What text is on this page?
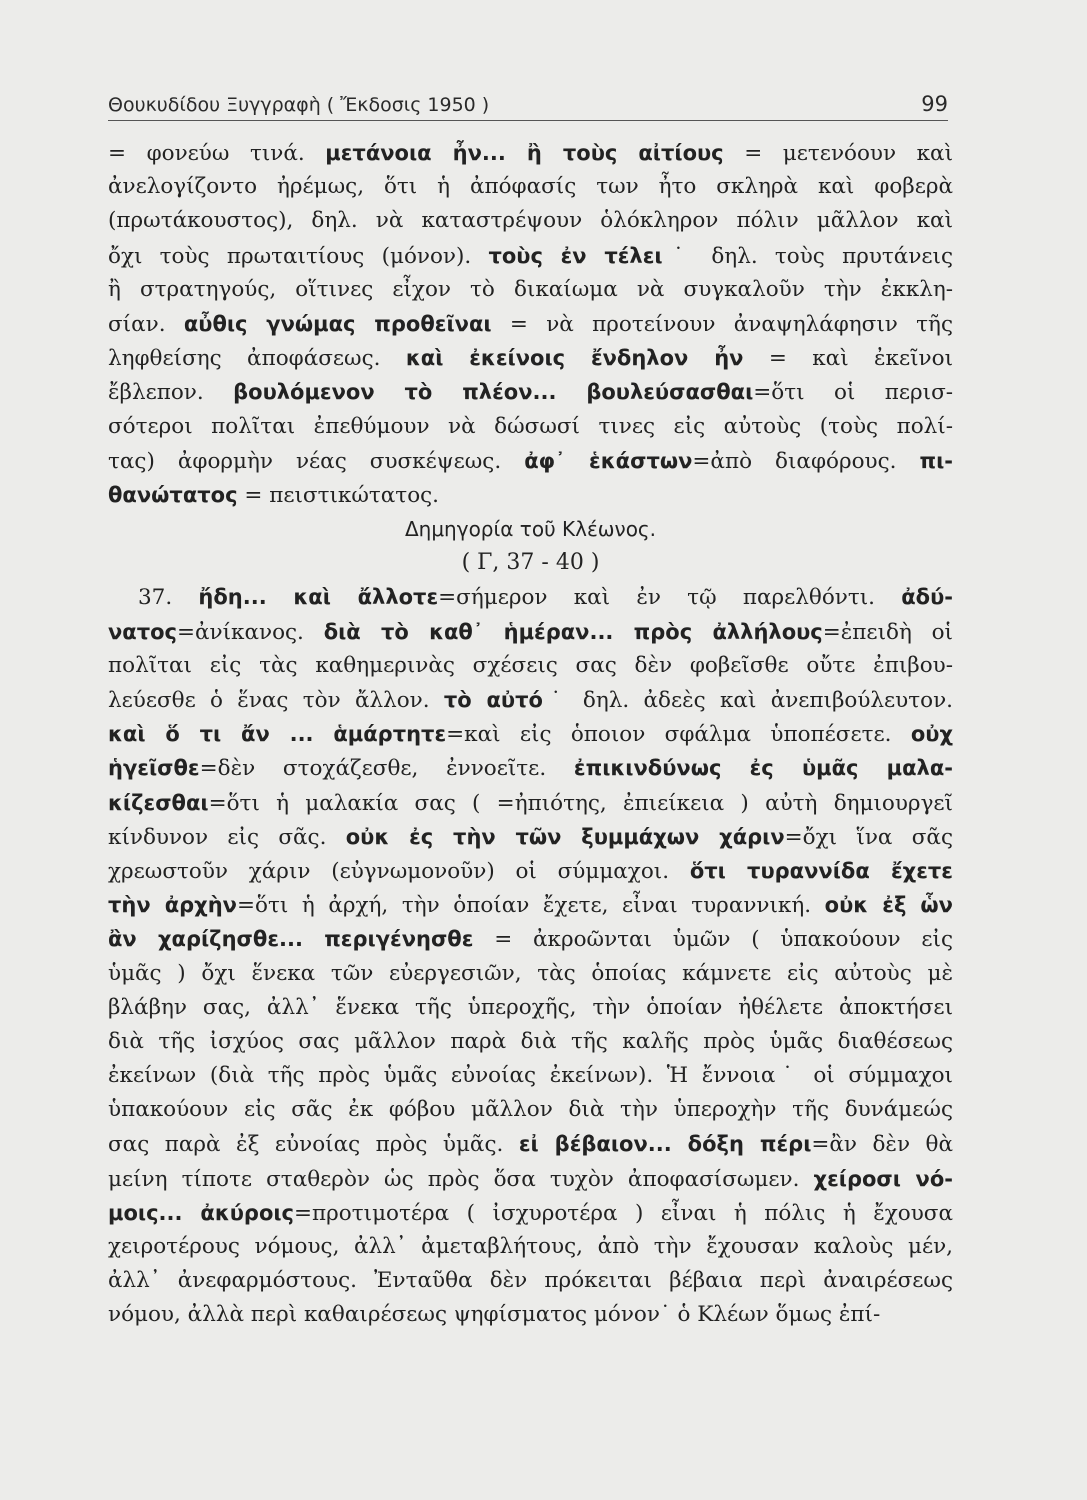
Θουκυδίδου Ξυγγραφὴ ( Ἔκδοσις 1950 )	99
= φονεύω τινά. μετάνοια ἦν... ἢ τοὺς αἰτίους = μετενόουν καὶ
ἀνελογίζοντο ἠρέμως, ὅτι ἡ ἀπόφασίς των ἦτο σκληρὰ καὶ φοβερὰ
(πρωτάκουστος), δηλ. νὰ καταστρέψουν ὁλόκληρον πόλιν μᾶλλον καὶ
ὄχι τοὺς πρωταιτίους (μόνον). τοὺς ἐν τέλει˙ δηλ. τοὺς πρυτάνεις
ἢ στρατηγούς, οἵτινες εἶχον τὸ δικαίωμα νὰ συγκαλοῦν τὴν ἐκκλη-
σίαν. αὖθις γνώμας προθεῖναι = νὰ προτείνουν ἀναψηλάφησιν τῆς
ληφθείσης ἀποφάσεως. καὶ ἐκείνοις ἔνδηλον ἦν = καὶ ἐκεῖνοι
ἔβλεπον. βουλόμενον τὸ πλέον... βουλεύσασθαι=ὅτι οἱ περισ-
σότεροι πολῖται ἐπεθύμουν νὰ δώσωσί τινες εἰς αὐτοὺς (τοὺς πολί-
τας) ἀφορμὴν νέας συσκέψεως. ἀφ᾽ ἑκάστων=ἀπὸ διαφόρους. πι-
θανώτατος = πειστικώτατος.
Δημηγορία τοῦ Κλέωνος.
( Γ, 37 - 40 )
37. ἤδη... καὶ ἄλλοτε=σήμερον καὶ ἐν τῷ παρελθόντι. ἀδύ-
νατος=ἀνίκανος. διὰ τὸ καθ᾽ ἡμέραν... πρὸς ἀλλήλους=ἐπειδὴ οἱ
πολῖται εἰς τὰς καθημερινὰς σχέσεις σας δὲν φοβεῖσθε οὔτε ἐπιβου-
λεύεσθε ὁ ἕνας τὸν ἄλλον. τὸ αὐτό˙ δηλ. ἀδεὲς καὶ ἀνεπιβούλευτον.
καὶ ὅ τι ἄν ... ἁμάρτητε=καὶ εἰς ὁποιον σφάλμα ὑποπέσετε. οὐχ
ἡγεῖσθε=δὲν στοχάζεσθε, ἐννοεῖτε. ἐπικινδύνως ἐς ὑμᾶς μαλα-
κίζεσθαι=ὅτι ἡ μαλακία σας ( =ἠπιότης, ἐπιείκεια ) αὐτὴ δημιουργεῖ
κίνδυνον εἰς σᾶς. οὐκ ἐς τὴν τῶν ξυμμάχων χάριν=ὄχι ἵνα σᾶς
χρεωστοῦν χάριν (εὐγνωμονοῦν) οἱ σύμμαχοι. ὅτι τυραννίδα ἔχετε
τὴν ἀρχὴν=ὅτι ἡ ἀρχή, τὴν ὁποίαν ἔχετε, εἶναι τυραννική. οὐκ ἐξ ὧν
ἂν χαρίζησθε... περιγένησθε = ἀκροῶνται ὑμῶν ( ὑπακούουν εἰς
ὑμᾶς ) ὄχι ἕνεκα τῶν εὐεργεσιῶν, τὰς ὁποίας κάμνετε εἰς αὐτοὺς μὲ
βλάβην σας, ἀλλ᾽ ἕνεκα τῆς ὑπεροχῆς, τὴν ὁποίαν ἠθέλετε ἀποκτήσει
διὰ τῆς ἰσχύος σας μᾶλλον παρὰ διὰ τῆς καλῆς πρὸς ὑμᾶς διαθέσεως
ἐκείνων (διὰ τῆς πρὸς ὑμᾶς εὐνοίας ἐκείνων). Ἡ ἔννοια˙ οἱ σύμμαχοι
ὑπακούουν εἰς σᾶς ἐκ φόβου μᾶλλον διὰ τὴν ὑπεροχὴν τῆς δυνάμεώς
σας παρὰ ἐξ εὐνοίας πρὸς ὑμᾶς. εἰ βέβαιον... δόξη πέρι=ἂν δὲν θὰ
μείνη τίποτε σταθερὸν ὡς πρὸς ὅσα τυχὸν ἀποφασίσωμεν. χείροσι νό-
μοις... ἀκύροις=προτιμοτέρα ( ἰσχυροτέρα ) εἶναι ἡ πόλις ἡ ἔχουσα
χειροτέρους νόμους, ἀλλ᾽ ἀμεταβλήτους, ἀπὸ τὴν ἔχουσαν καλοὺς μέν,
ἀλλ᾽ ἀνεφαρμόστους. Ἐνταῦθα δὲν πρόκειται βέβαια περὶ ἀναιρέσεως
νόμου, ἀλλὰ περὶ καθαιρέσεως ψηφίσματος μόνον˙ ὁ Κλέων ὅμως ἐπί-
